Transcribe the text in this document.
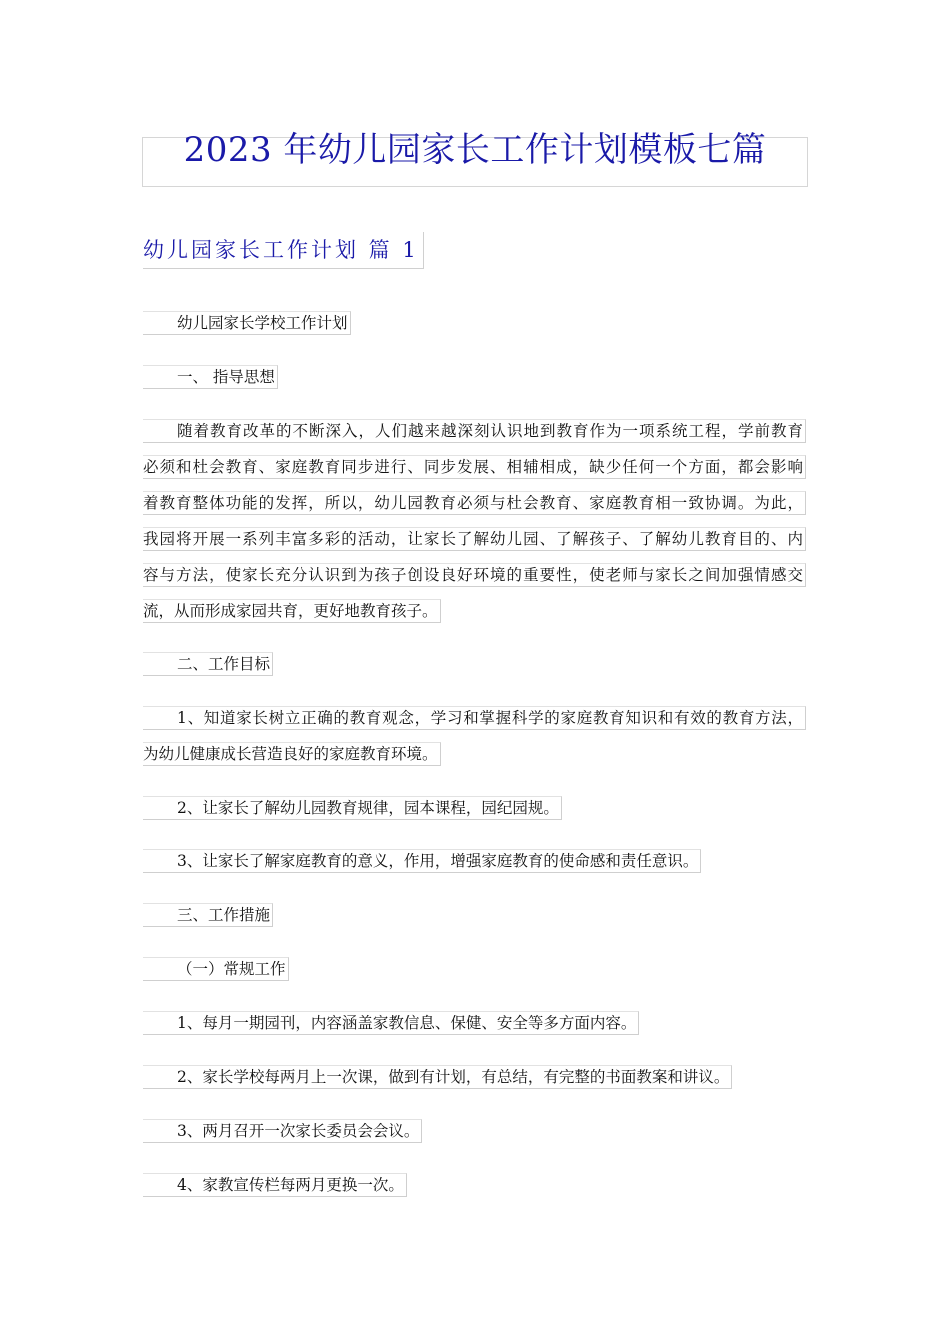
2023 年幼儿园家长工作计划模板七篇
幼儿园家长工作计划 篇 1

幼儿园家长学校工作计划

一、 指导思想

随着教育改革的不断深入，人们越来越深刻认识地到教育作为一项系统工程，学前教育

必须和杜会教育、家庭教育同步进行、同步发展、相辅相成，缺少任何一个方面，都会影响

着教育整体功能的发挥，所以，幼儿园教育必须与杜会教育、家庭教育相一致协调。为此，

我园将开展一系列丰富多彩的活动，让家长了解幼儿园、了解孩子、了解幼儿教育目的、内

容与方法，使家长充分认识到为孩子创设良好环境的重要性，使老师与家长之间加强情感交

流，从而形成家园共育，更好地教育孩子。

二、工作目标

1、知道家长树立正确的教育观念，学习和掌握科学的家庭教育知识和有效的教育方法，

为幼儿健康成长营造良好的家庭教育环境。

2、让家长了解幼儿园教育规律，园本课程，园纪园规。

3、让家长了解家庭教育的意义，作用，增强家庭教育的使命感和责任意识。

三、工作措施

（一）常规工作

1、每月一期园刊，内容涵盖家教信息、保健、安全等多方面内容。

2、家长学校每两月上一次课，做到有计划，有总结，有完整的书面教案和讲议。

3、两月召开一次家长委员会会议。

4、家教宣传栏每两月更换一次。
